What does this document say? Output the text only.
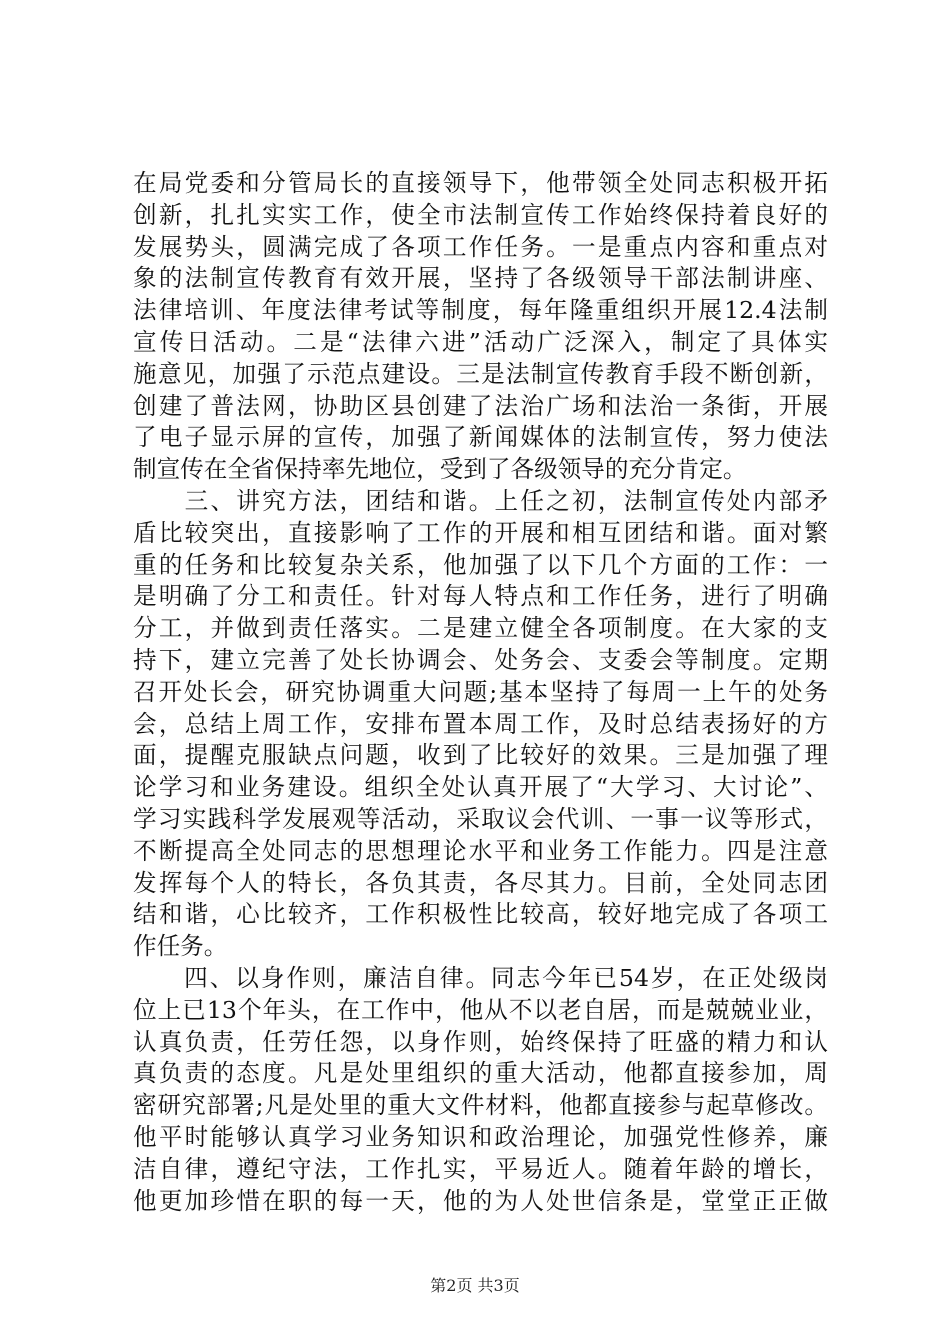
在局党委和分管局长的直接领导下，他带领全处同志积极开拓
创新，扎扎实实工作，使全市法制宣传工作始终保持着良好的
发展势头，圆满完成了各项工作任务。一是重点内容和重点对
象的法制宣传教育有效开展，坚持了各级领导干部法制讲座、
法律培训、年度法律考试等制度，每年隆重组织开展12.4法制
宣传日活动。二是“法律六进”活动广泛深入，制定了具体实
施意见，加强了示范点建设。三是法制宣传教育手段不断创新，
创建了普法网，协助区县创建了法治广场和法治一条街，开展
了电子显示屏的宣传，加强了新闻媒体的法制宣传，努力使法
制宣传在全省保持率先地位，受到了各级领导的充分肯定。
　　三、讲究方法，团结和谐。上任之初，法制宣传处内部矛
盾比较突出，直接影响了工作的开展和相互团结和谐。面对繁
重的任务和比较复杂关系，他加强了以下几个方面的工作：一
是明确了分工和责任。针对每人特点和工作任务，进行了明确
分工，并做到责任落实。二是建立健全各项制度。在大家的支
持下，建立完善了处长协调会、处务会、支委会等制度。定期
召开处长会，研究协调重大问题;基本坚持了每周一上午的处务
会，总结上周工作，安排布置本周工作，及时总结表扬好的方
面，提醒克服缺点问题，收到了比较好的效果。三是加强了理
论学习和业务建设。组织全处认真开展了“大学习、大讨论”、
学习实践科学发展观等活动，采取议会代训、一事一议等形式，
不断提高全处同志的思想理论水平和业务工作能力。四是注意
发挥每个人的特长，各负其责，各尽其力。目前，全处同志团
结和谐，心比较齐，工作积极性比较高，较好地完成了各项工
作任务。
　　四、以身作则，廉洁自律。同志今年已54岁，在正处级岗
位上已13个年头，在工作中，他从不以老自居，而是兢兢业业，
认真负责，任劳任怨，以身作则，始终保持了旺盛的精力和认
真负责的态度。凡是处里组织的重大活动，他都直接参加，周
密研究部署;凡是处里的重大文件材料，他都直接参与起草修改。
他平时能够认真学习业务知识和政治理论，加强党性修养，廉
洁自律，遵纪守法，工作扎实，平易近人。随着年龄的增长，
他更加珍惜在职的每一天，他的为人处世信条是，堂堂正正做
第2页 共3页
